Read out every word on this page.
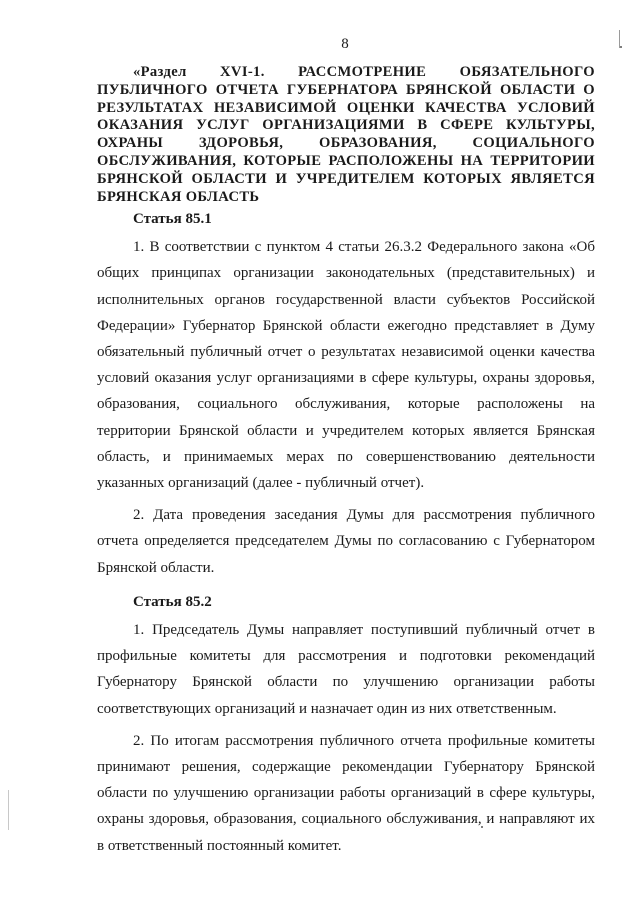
8
«Раздел XVI-1. РАССМОТРЕНИЕ ОБЯЗАТЕЛЬНОГО ПУБЛИЧНОГО ОТЧЕТА ГУБЕРНАТОРА БРЯНСКОЙ ОБЛАСТИ О РЕЗУЛЬТАТАХ НЕЗАВИСИМОЙ ОЦЕНКИ КАЧЕСТВА УСЛОВИЙ ОКАЗАНИЯ УСЛУГ ОРГАНИЗАЦИЯМИ В СФЕРЕ КУЛЬТУРЫ, ОХРАНЫ ЗДОРОВЬЯ, ОБРАЗОВАНИЯ, СОЦИАЛЬНОГО ОБСЛУЖИВАНИЯ, КОТОРЫЕ РАСПОЛОЖЕНЫ НА ТЕРРИТОРИИ БРЯНСКОЙ ОБЛАСТИ И УЧРЕДИТЕЛЕМ КОТОРЫХ ЯВЛЯЕТСЯ БРЯНСКАЯ ОБЛАСТЬ
Статья 85.1
1. В соответствии с пунктом 4 статьи 26.3.2 Федерального закона «Об общих принципах организации законодательных (представительных) и исполнительных органов государственной власти субъектов Российской Федерации» Губернатор Брянской области ежегодно представляет в Думу обязательный публичный отчет о результатах независимой оценки качества условий оказания услуг организациями в сфере культуры, охраны здоровья, образования, социального обслуживания, которые расположены на территории Брянской области и учредителем которых является Брянская область, и принимаемых мерах по совершенствованию деятельности указанных организаций (далее - публичный отчет).
2. Дата проведения заседания Думы для рассмотрения публичного отчета определяется председателем Думы по согласованию с Губернатором Брянской области.
Статья 85.2
1. Председатель Думы направляет поступивший публичный отчет в профильные комитеты для рассмотрения и подготовки рекомендаций Губернатору Брянской области по улучшению организации работы соответствующих организаций и назначает один из них ответственным.
2. По итогам рассмотрения публичного отчета профильные комитеты принимают решения, содержащие рекомендации Губернатору Брянской области по улучшению организации работы организаций в сфере культуры, охраны здоровья, образования, социального обслуживания, и направляют их в ответственный постоянный комитет.
